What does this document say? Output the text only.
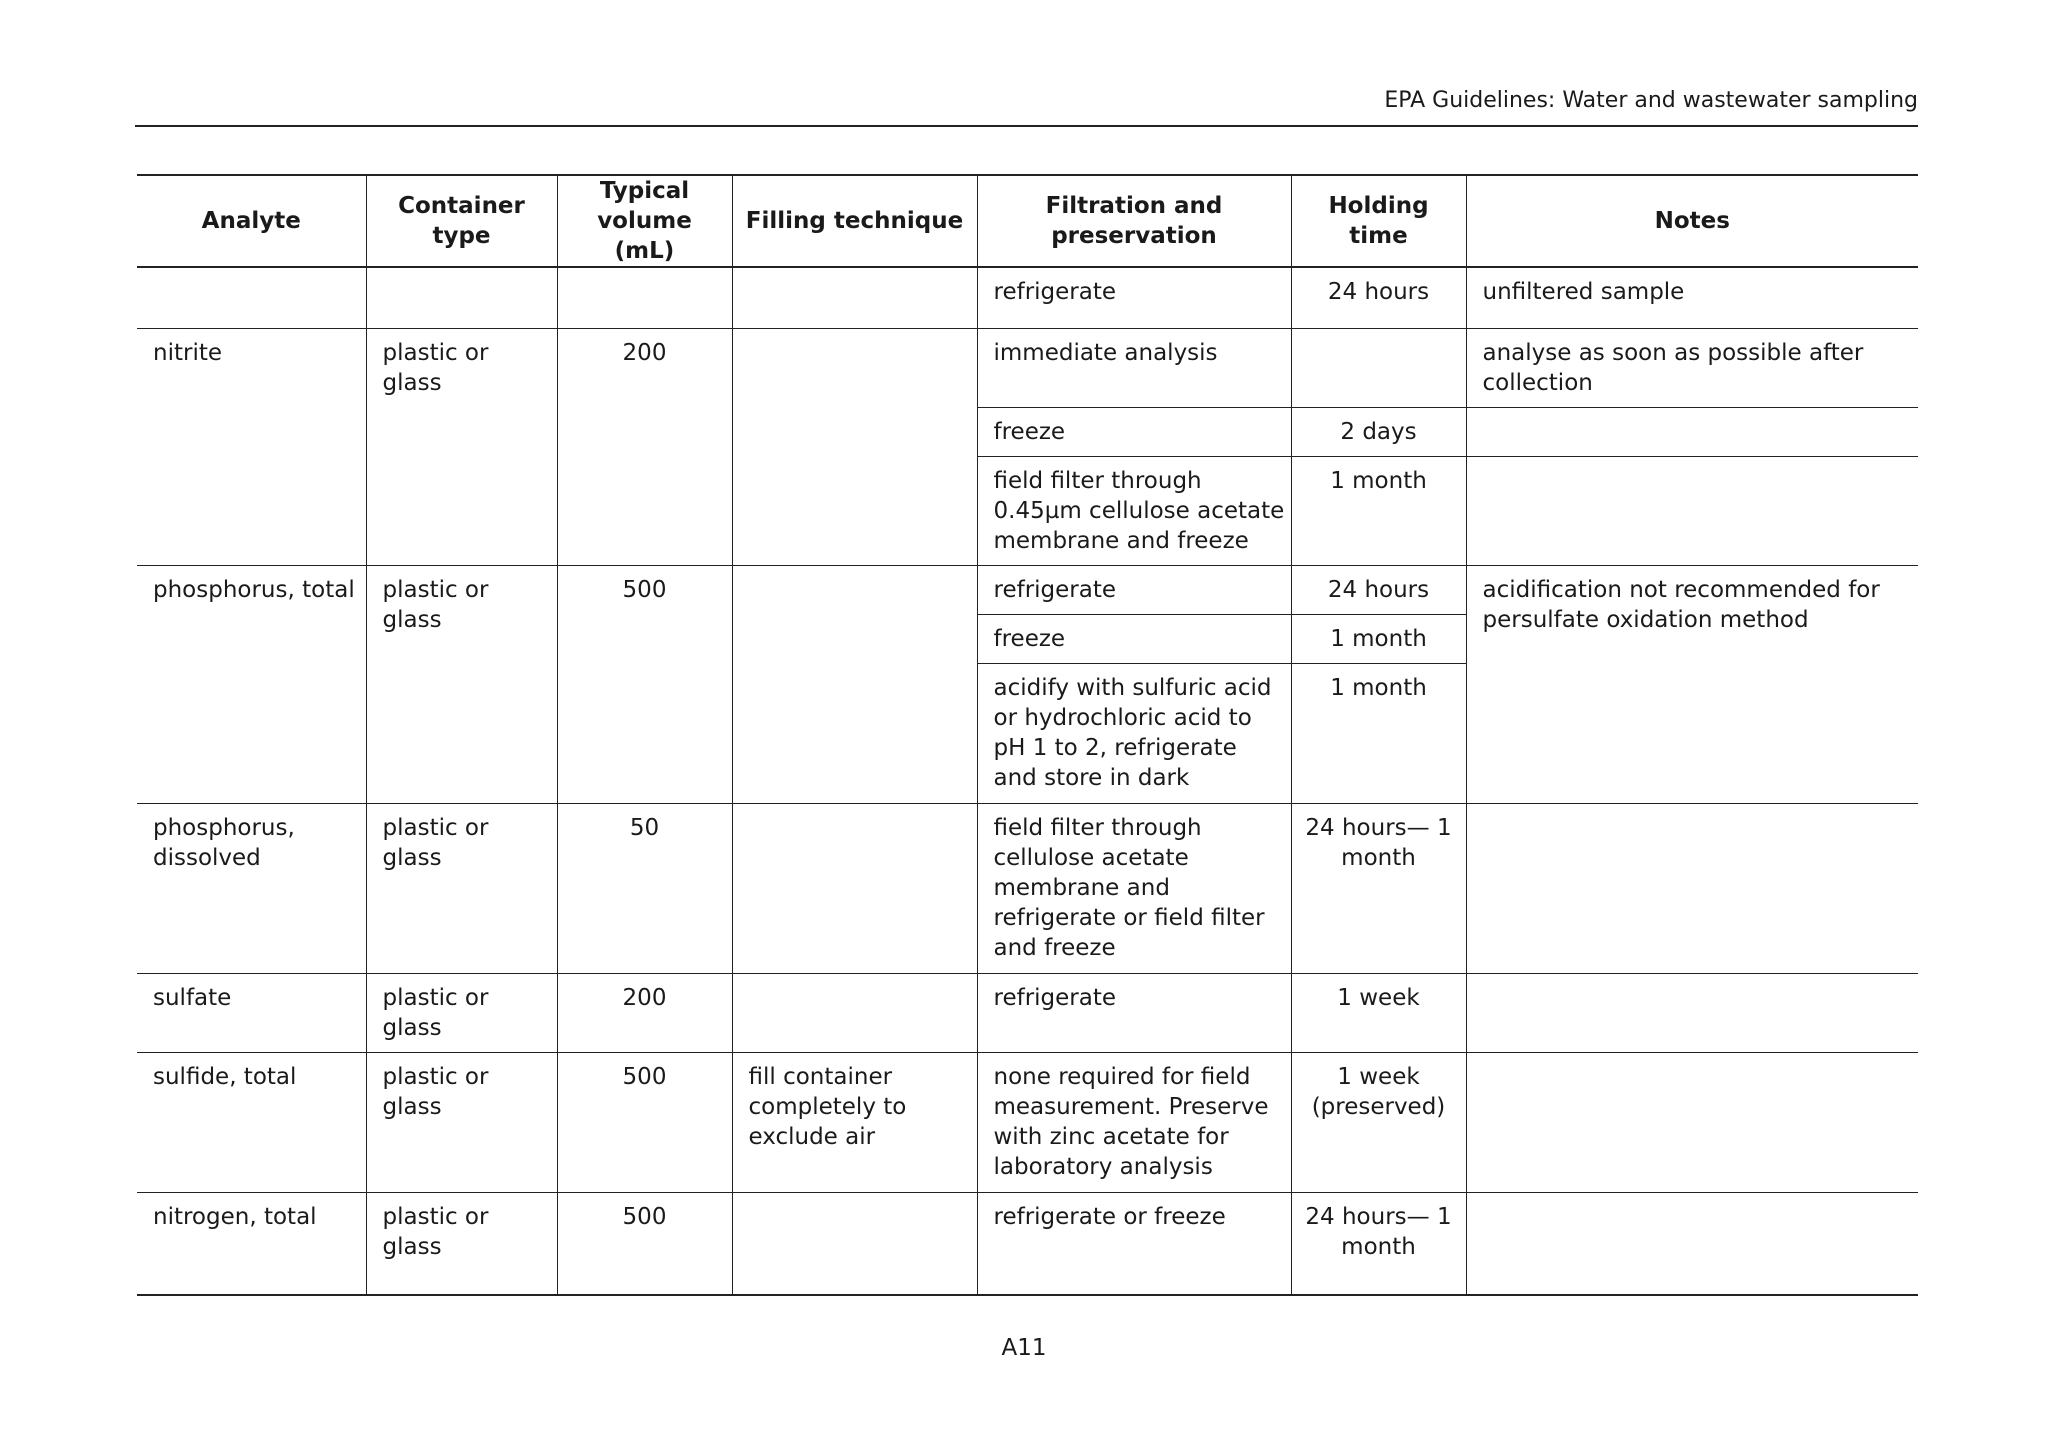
EPA Guidelines: Water and wastewater sampling
Analyte	Container type	Typical volume (mL)	Filling technique	Filtration and preservation	Holding time	Notes
				refrigerate	24 hours	unfiltered sample
nitrite	plastic or glass	200		immediate analysis		analyse as soon as possible after collection
				freeze	2 days	
				field filter through 0.45µm cellulose acetate membrane and freeze	1 month	
phosphorus, total	plastic or glass	500		refrigerate	24 hours	acidification not recommended for persulfate oxidation method
				freeze	1 month	
				acidify with sulfuric acid or hydrochloric acid to pH 1 to 2, refrigerate and store in dark	1 month	
phosphorus, dissolved	plastic or glass	50		field filter through cellulose acetate membrane and refrigerate or field filter and freeze	24 hours— 1 month	
sulfate	plastic or glass	200		refrigerate	1 week	
sulfide, total	plastic or glass	500	fill container completely to exclude air	none required for field measurement. Preserve with zinc acetate for laboratory analysis	1 week (preserved)	
nitrogen, total	plastic or glass	500		refrigerate or freeze	24 hours— 1 month	
A11
